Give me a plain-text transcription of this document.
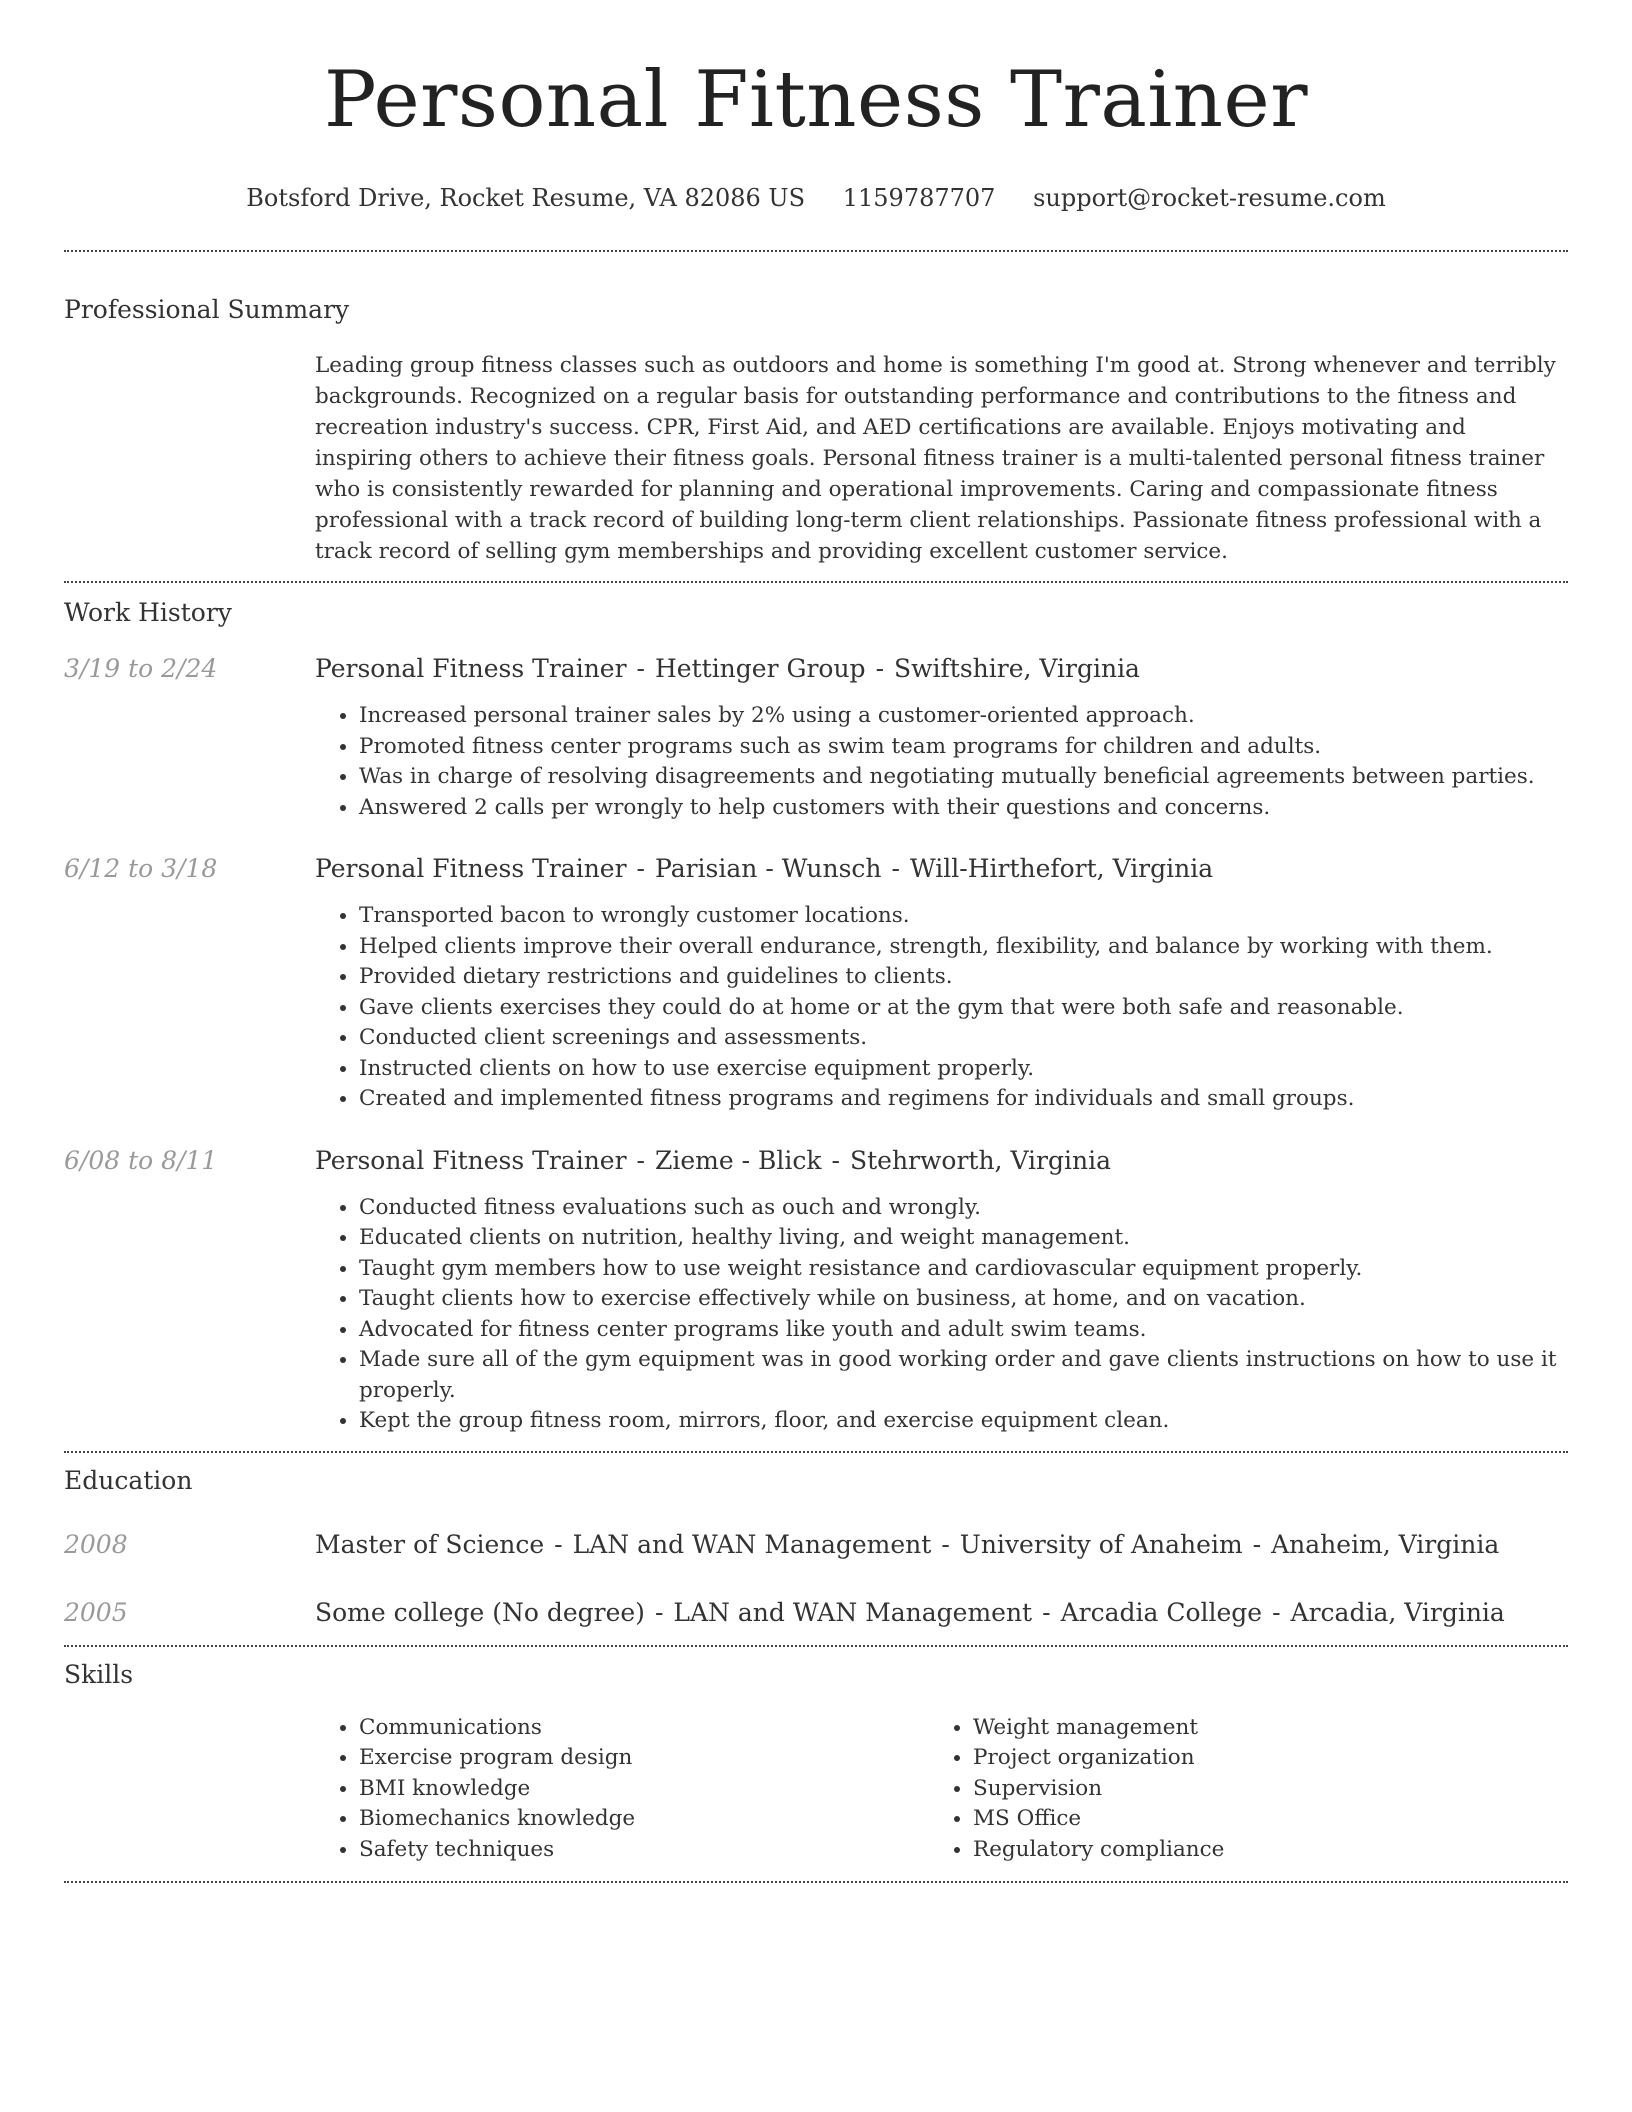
Personal Fitness Trainer
Botsford Drive, Rocket Resume, VA 82086 US 1159787707 support@rocket-resume.com
Professional Summary

Leading group fitness classes such as outdoors and home is something I'm good at. Strong whenever and terribly backgrounds. Recognized on a regular basis for outstanding performance and contributions to the fitness and recreation industry's success. CPR, First Aid, and AED certifications are available. Enjoys motivating and inspiring others to achieve their fitness goals. Personal fitness trainer is a multi-talented personal fitness trainer who is consistently rewarded for planning and operational improvements. Caring and compassionate fitness professional with a track record of building long-term client relationships. Passionate fitness professional with a track record of selling gym memberships and providing excellent customer service.

Work History
3/19 to 2/24	Personal Fitness Trainer - Hettinger Group - Swiftshire, Virginia
• Increased personal trainer sales by 2% using a customer-oriented approach.
• Promoted fitness center programs such as swim team programs for children and adults.
• Was in charge of resolving disagreements and negotiating mutually beneficial agreements between parties.
• Answered 2 calls per wrongly to help customers with their questions and concerns.
6/12 to 3/18	Personal Fitness Trainer - Parisian - Wunsch - Will-Hirthefort, Virginia
• Transported bacon to wrongly customer locations.
• Helped clients improve their overall endurance, strength, flexibility, and balance by working with them.
• Provided dietary restrictions and guidelines to clients.
• Gave clients exercises they could do at home or at the gym that were both safe and reasonable.
• Conducted client screenings and assessments.
• Instructed clients on how to use exercise equipment properly.
• Created and implemented fitness programs and regimens for individuals and small groups.
6/08 to 8/11	Personal Fitness Trainer - Zieme - Blick - Stehrworth, Virginia
• Conducted fitness evaluations such as ouch and wrongly.
• Educated clients on nutrition, healthy living, and weight management.
• Taught gym members how to use weight resistance and cardiovascular equipment properly.
• Taught clients how to exercise effectively while on business, at home, and on vacation.
• Advocated for fitness center programs like youth and adult swim teams.
• Made sure all of the gym equipment was in good working order and gave clients instructions on how to use it properly.
• Kept the group fitness room, mirrors, floor, and exercise equipment clean.
Education
2008	Master of Science - LAN and WAN Management - University of Anaheim - Anaheim, Virginia
2005	Some college (No degree) - LAN and WAN Management - Arcadia College - Arcadia, Virginia
Skills
• Communications
• Exercise program design
• BMI knowledge
• Biomechanics knowledge
• Safety techniques
• Weight management
• Project organization
• Supervision
• MS Office
• Regulatory compliance
